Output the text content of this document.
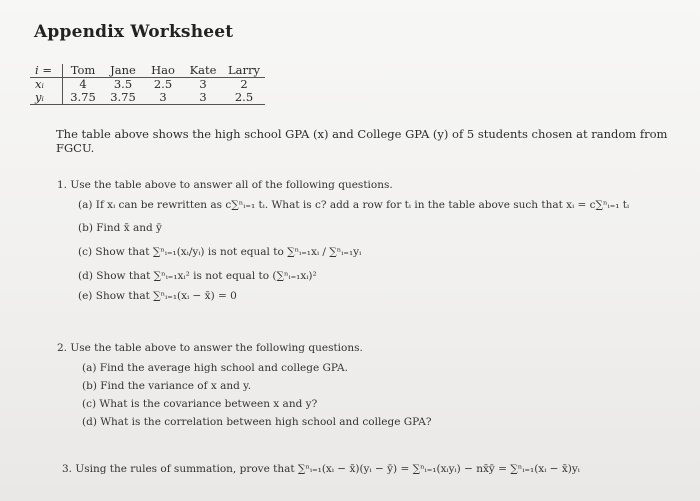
Appendix Worksheet
i =	Tom	Jane	Hao	Kate	Larry
xᵢ	4	3.5	2.5	3	2
yᵢ	3.75	3.75	3	3	2.5
The table above shows the high school GPA (x) and College GPA (y) of 5 students chosen at random from FGCU.
1. Use the table above to answer all of the following questions.
(a) If xᵢ can be rewritten as c∑ⁿᵢ₌₁ tᵢ. What is c? add a row for tᵢ in the table above such that xᵢ = c∑ⁿᵢ₌₁ tᵢ
(b) Find x̄ and ȳ
(c) Show that ∑ⁿᵢ₌₁(xᵢ/yᵢ) is not equal to ∑ⁿᵢ₌₁xᵢ / ∑ⁿᵢ₌₁yᵢ
(d) Show that ∑ⁿᵢ₌₁xᵢ² is not equal to (∑ⁿᵢ₌₁xᵢ)²
(e) Show that ∑ⁿᵢ₌₁(xᵢ − x̄) = 0
2. Use the table above to answer the following questions.
(a) Find the average high school and college GPA.
(b) Find the variance of x and y.
(c) What is the covariance between x and y?
(d) What is the correlation between high school and college GPA?
3. Using the rules of summation, prove that ∑ⁿᵢ₌₁(xᵢ − x̄)(yᵢ − ȳ) = ∑ⁿᵢ₌₁(xᵢyᵢ) − nx̄ȳ = ∑ⁿᵢ₌₁(xᵢ − x̄)yᵢ
